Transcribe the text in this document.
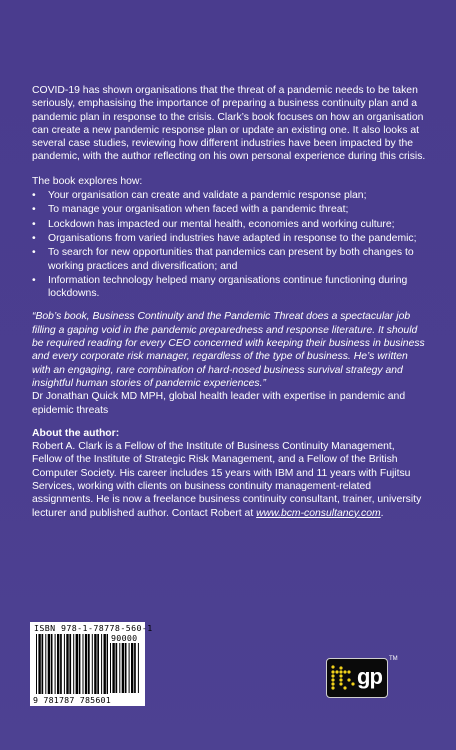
COVID-19 has shown organisations that the threat of a pandemic needs to be taken seriously, emphasising the importance of preparing a business continuity plan and a pandemic plan in response to the crisis. Clark’s book focuses on how an organisation can create a new pandemic response plan or update an existing one. It also looks at several case studies, reviewing how different industries have been impacted by the pandemic, with the author reflecting on his own personal experience during this crisis.

The book explores how:

• Your organisation can create and validate a pandemic response plan;
• To manage your organisation when faced with a pandemic threat;
• Lockdown has impacted our mental health, economies and working culture;
• Organisations from varied industries have adapted in response to the pandemic;
• To search for new opportunities that pandemics can present by both changes to working practices and diversification; and
• Information technology helped many organisations continue functioning during lockdowns.

“Bob’s book, Business Continuity and the Pandemic Threat does a spectacular job filling a gaping void in the pandemic preparedness and response literature. It should be required reading for every CEO concerned with keeping their business in business and every corporate risk manager, regardless of the type of business. He’s written with an engaging, rare combination of hard-nosed business survival strategy and insightful human stories of pandemic experiences.”

Dr Jonathan Quick MD MPH, global health leader with expertise in pandemic and epidemic threats

About the author:

Robert A. Clark is a Fellow of the Institute of Business Continuity Management, Fellow of the Institute of Strategic Risk Management, and a Fellow of the British Computer Society. His career includes 15 years with IBM and 11 years with Fujitsu Services, working with clients on business continuity management-related assignments. He is now a freelance business continuity consultant, trainer, university lecturer and published author. Contact Robert at www.bcm-consultancy.com.

ISBN 978-1-78778-560-1
90000
9 781787 785601
gp
TM
